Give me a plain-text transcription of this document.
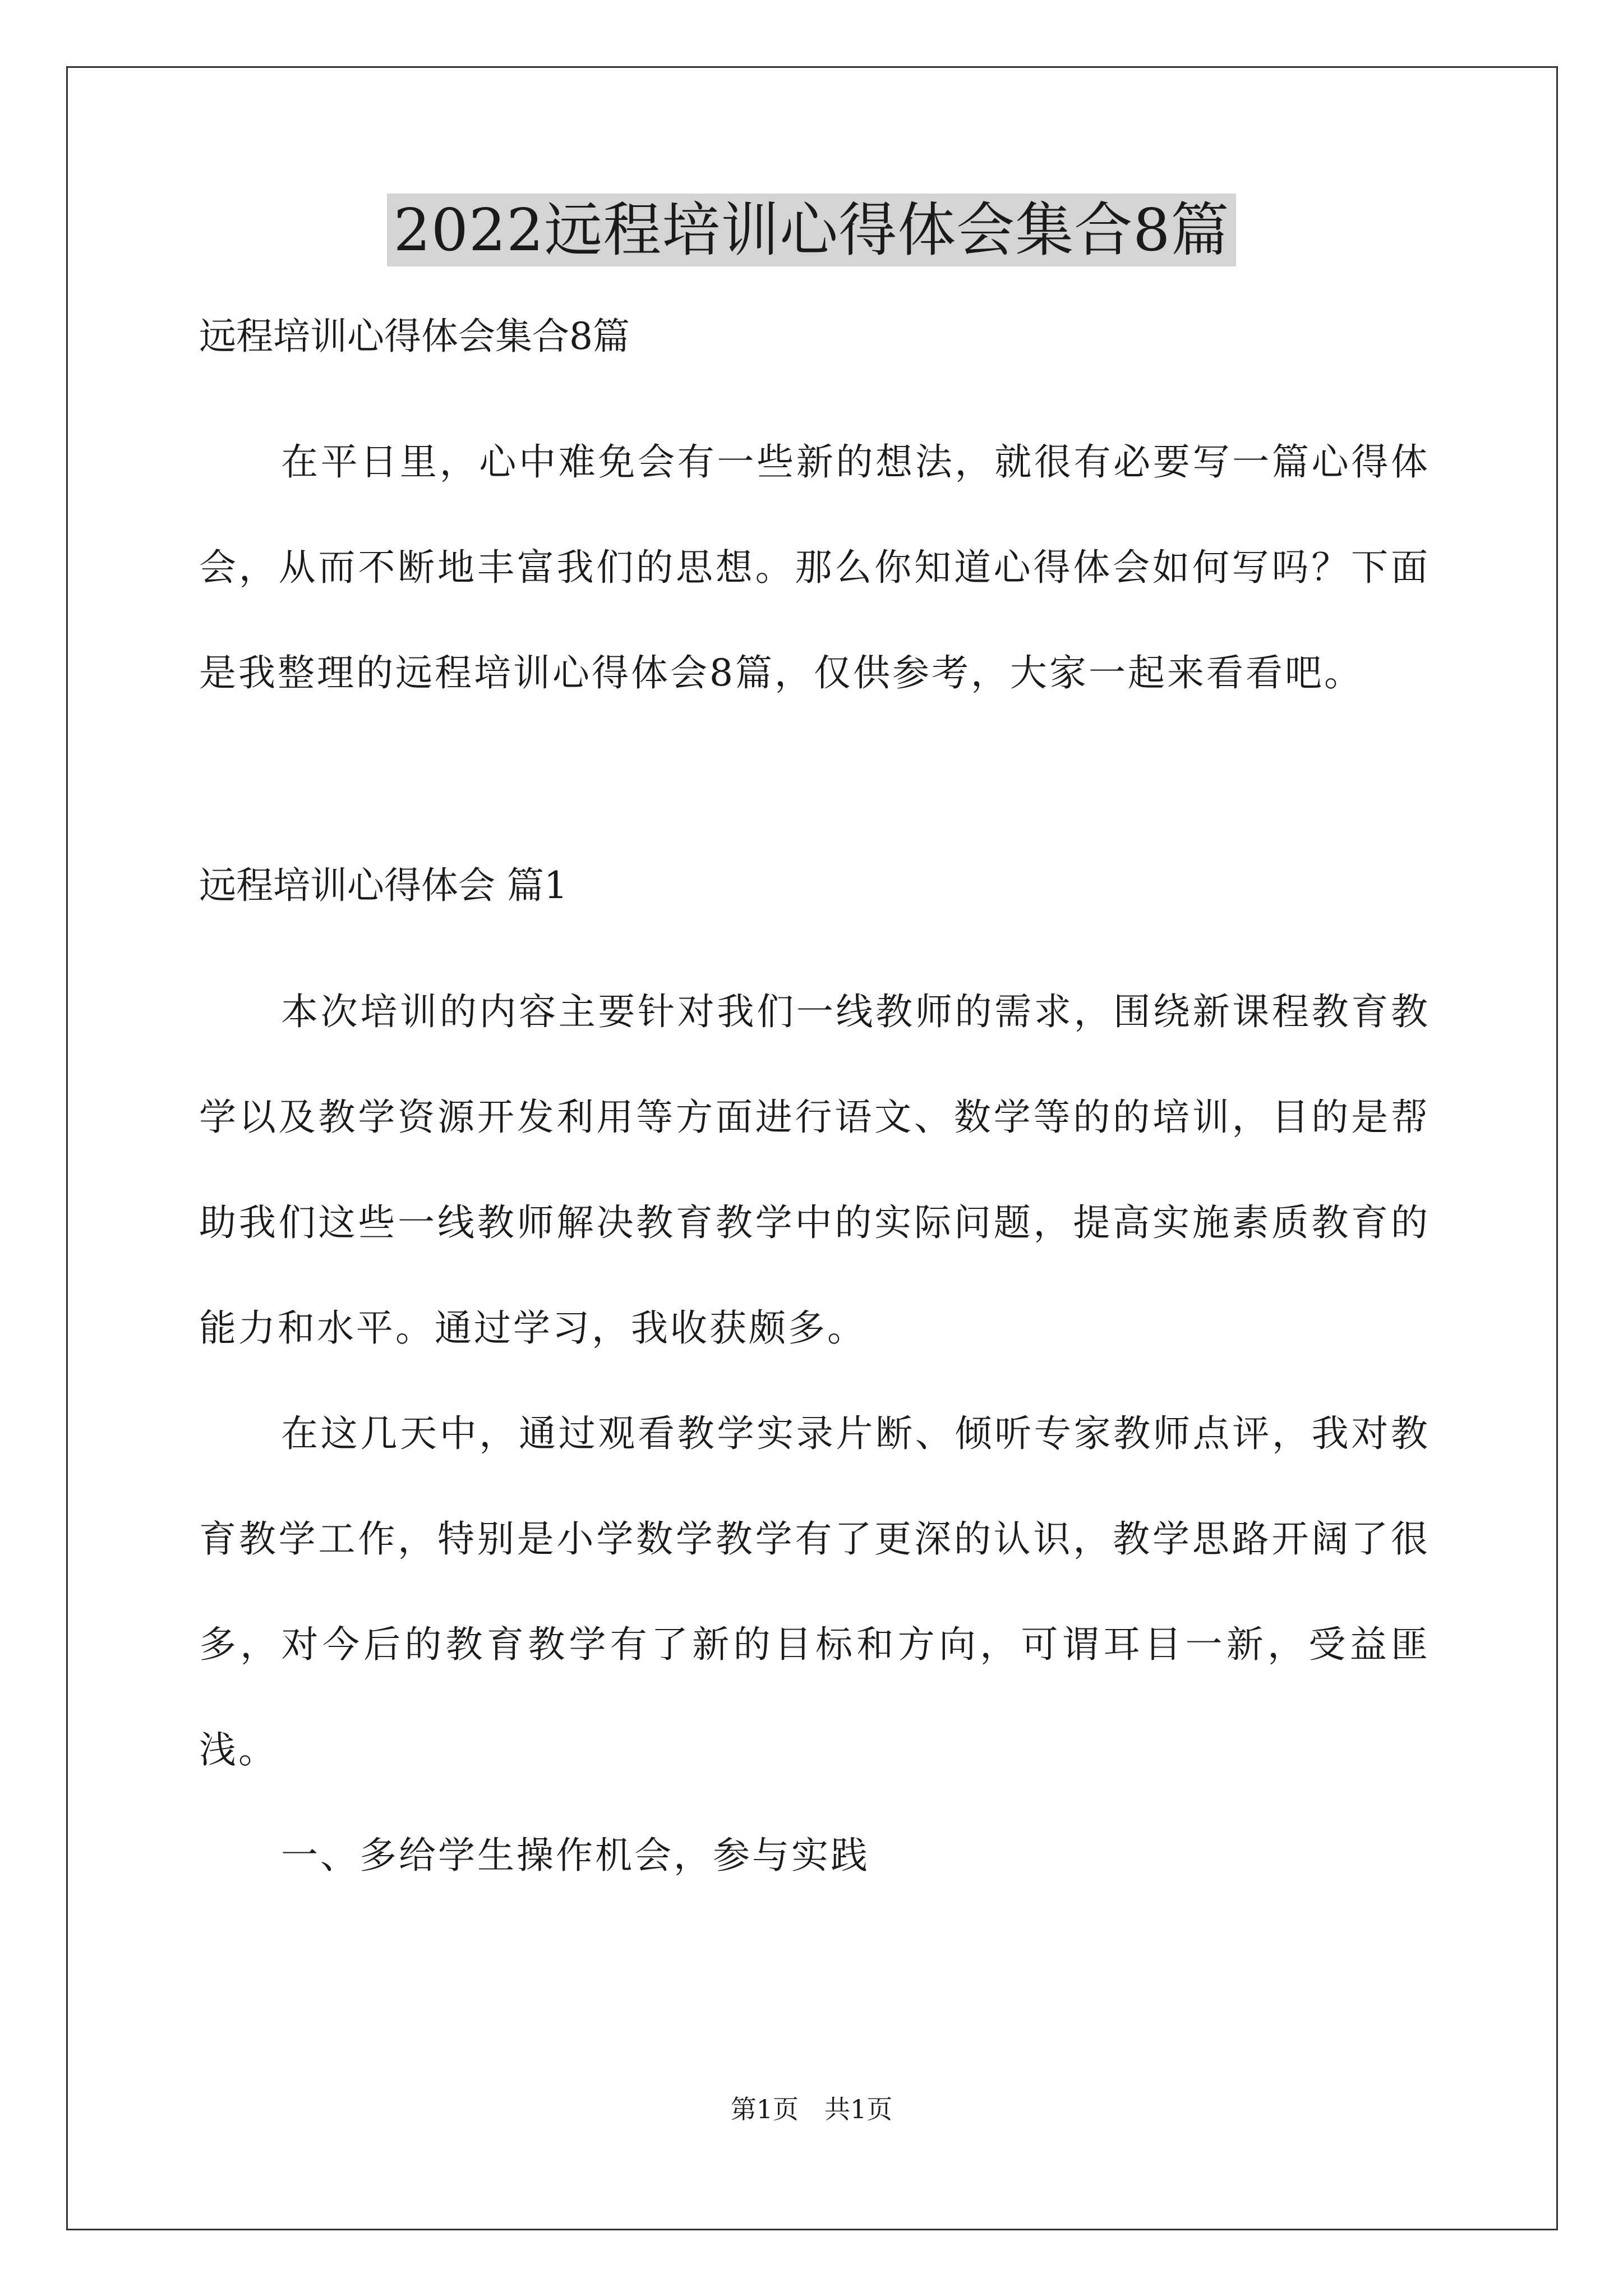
2022远程培训心得体会集合8篇
远程培训心得体会集合8篇

在平日里，心中难免会有一些新的想法，就很有必要写一篇心得体会，从而不断地丰富我们的思想。那么你知道心得体会如何写吗？下面是我整理的远程培训心得体会8篇，仅供参考，大家一起来看看吧。

远程培训心得体会 篇1

本次培训的内容主要针对我们一线教师的需求，围绕新课程教育教学以及教学资源开发利用等方面进行语文、数学等的的培训，目的是帮助我们这些一线教师解决教育教学中的实际问题，提高实施素质教育的能力和水平。通过学习，我收获颇多。

在这几天中，通过观看教学实录片断、倾听专家教师点评，我对教育教学工作，特别是小学数学教学有了更深的认识，教学思路开阔了很多，对今后的教育教学有了新的目标和方向，可谓耳目一新，受益匪浅。

一、多给学生操作机会，参与实践

第1页　共1页
